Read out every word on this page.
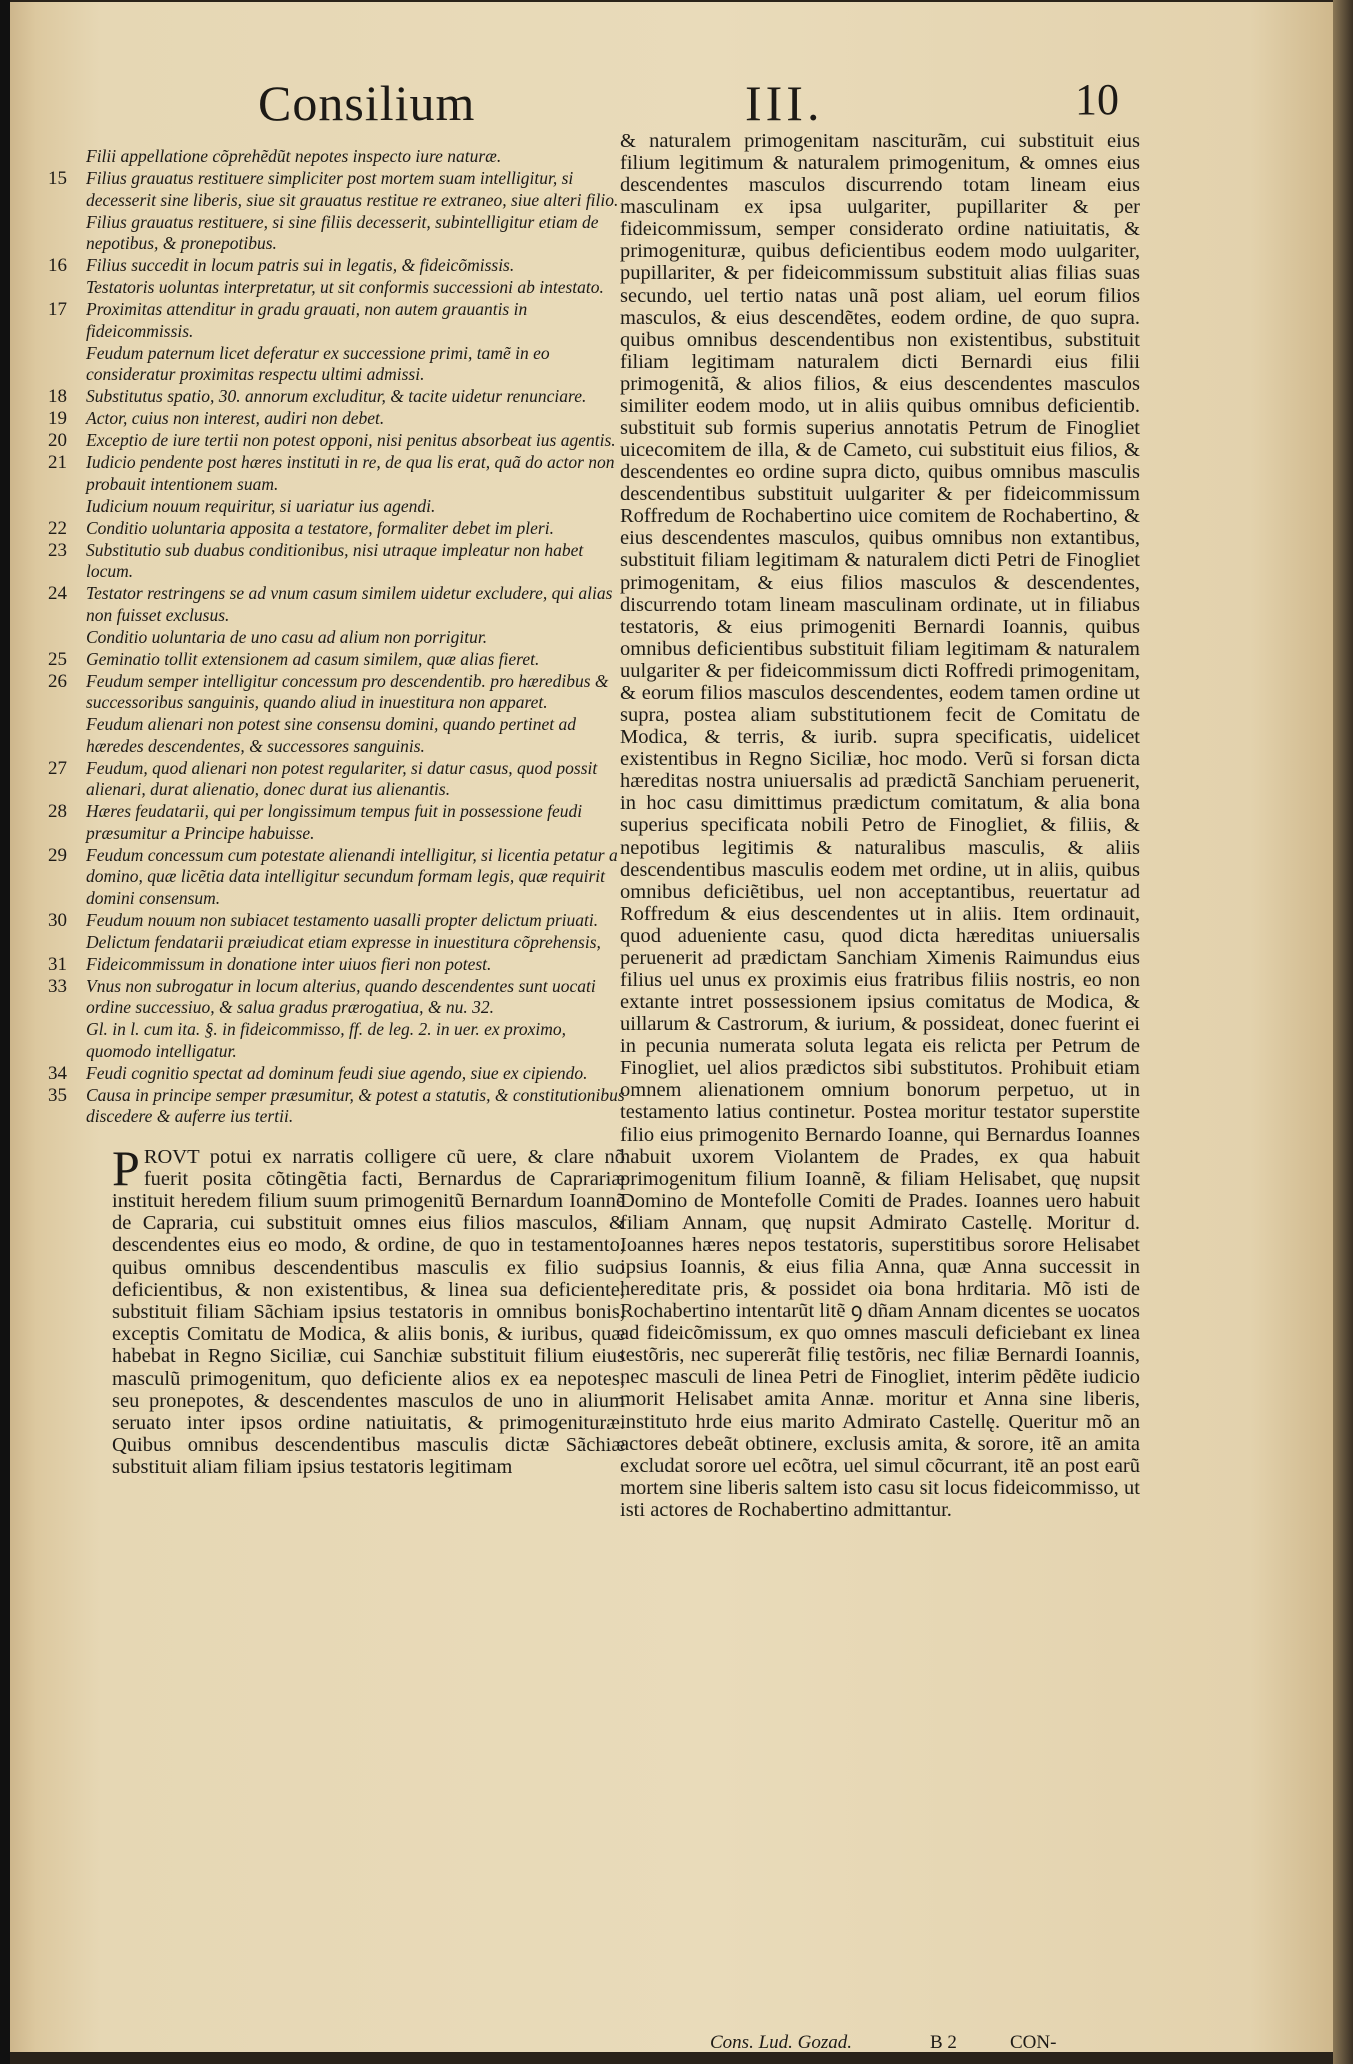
Consilium	III.	10
Filii appellatione cõprehẽdũt nepotes inspecto iure naturæ.
15 Filius grauatus restituere simpliciter post mortem suam intelligitur, si decesserit sine liberis, siue sit grauatus restitue re extraneo, siue alteri filio.
Filius grauatus restituere, si sine filiis decesserit, subintelligitur etiam de nepotibus, & pronepotibus.
16 Filius succedit in locum patris sui in legatis, & fideicõmissis.
Testatoris uoluntas interpretatur, ut sit conformis successioni ab intestato.
17 Proximitas attenditur in gradu grauati, non autem grauantis in fideicommissis.
Feudum paternum licet deferatur ex successione primi, tamẽ in eo consideratur proximitas respectu ultimi admissi.
18 Substitutus spatio, 30. annorum excluditur, & tacite uidetur renunciare.
19 Actor, cuius non interest, audiri non debet.
20 Exceptio de iure tertii non potest opponi, nisi penitus absorbeat ius agentis.
21 Iudicio pendente post hæres instituti in re, de qua lis erat, quã do actor non probauit intentionem suam.
Iudicium nouum requiritur, si uariatur ius agendi.
22 Conditio uoluntaria apposita a testatore, formaliter debet im pleri.
23 Substitutio sub duabus conditionibus, nisi utraque impleatur non habet locum.
24 Testator restringens se ad vnum casum similem uidetur excludere, qui alias non fuisset exclusus.
Conditio uoluntaria de uno casu ad alium non porrigitur.
25 Geminatio tollit extensionem ad casum similem, quæ alias fieret.
26 Feudum semper intelligitur concessum pro descendentib. pro hæredibus & successoribus sanguinis, quando aliud in inuestitura non apparet.
Feudum alienari non potest sine consensu domini, quando pertinet ad hæredes descendentes, & successores sanguinis.
27 Feudum, quod alienari non potest regulariter, si datur casus, quod possit alienari, durat alienatio, donec durat ius alienantis.
28 Hæres feudatarii, qui per longissimum tempus fuit in possessione feudi præsumitur a Principe habuisse.
29 Feudum concessum cum potestate alienandi intelligitur, si licentia petatur a domino, quæ licẽtia data intelligitur secundum formam legis, quæ requirit domini consensum.
30 Feudum nouum non subiacet testamento uasalli propter delictum priuati.
Delictum fendatarii præiudicat etiam expresse in inuestitura cõprehensis,
31 Fideicommissum in donatione inter uiuos fieri non potest.
33 Vnus non subrogatur in locum alterius, quando descendentes sunt uocati ordine successiuo, & salua gradus prærogatiua, & nu. 32.
Gl. in l. cum ita. §. in fideicommisso, ff. de leg. 2. in uer. ex proximo, quomodo intelligatur.
34 Feudi cognitio spectat ad dominum feudi siue agendo, siue ex cipiendo.
35 Causa in principe semper præsumitur, & potest a statutis, & constitutionibus discedere & auferre ius tertii.
PROVT potui ex narratis colligere cũ uere, & clare nõ fuerit posita cõtingẽtia facti, Bernardus de Caprariæ instituit heredem filium suum primogenitũ Bernardum Ioannẽ de Capraria, cui substituit omnes eius filios masculos, & descendentes eius eo modo, & ordine, de quo in testamento, quibus omnibus descendentibus masculis ex filio suo deficientibus, & non existentibus, & linea sua deficiente, substituit filiam Sãchiam ipsius testatoris in omnibus bonis, exceptis Comitatu de Modica, & aliis bonis, & iuribus, quæ habebat in Regno Siciliæ, cui Sanchiæ substituit filium eius masculũ primogenitum, quo deficiente alios ex ea nepotes, seu pronepotes, & descendentes masculos de uno in alium seruato inter ipsos ordine natiuitatis, & primogenituræ. Quibus omnibus descendentibus masculis dictæ Sãchiæ substituit aliam filiam ipsius testatoris legitimam
& naturalem primogenitam nasciturãm, cui substituit eius filium legitimum & naturalem primogenitum, & omnes eius descendentes masculos discurrendo totam lineam eius masculinam ex ipsa uulgariter, pupillariter & per fideicommissum, semper considerato ordine natiuitatis, & primogenituræ, quibus deficientibus eodem modo uulgariter, pupillariter, & per fideicommissum substituit alias filias suas secundo, uel tertio natas unã post aliam, uel eorum filios masculos, & eius descendẽtes, eodem ordine, de quo supra. quibus omnibus descendentibus non existentibus, substituit filiam legitimam naturalem dicti Bernardi eius filii primogenitã, & alios filios, & eius descendentes masculos similiter eodem modo, ut in aliis quibus omnibus deficientib. substituit sub formis superius annotatis Petrum de Finogliet uicecomitem de illa, & de Cameto, cui substituit eius filios, & descendentes eo ordine supra dicto, quibus omnibus masculis descendentibus substituit uulgariter & per fideicommissum Roffredum de Rochabertino uice comitem de Rochabertino, & eius descendentes masculos, quibus omnibus non extantibus, substituit filiam legitimam & naturalem dicti Petri de Finogliet primogenitam, & eius filios masculos & descendentes, discurrendo totam lineam masculinam ordinate, ut in filiabus testatoris, & eius primogeniti Bernardi Ioannis, quibus omnibus deficientibus substituit filiam legitimam & naturalem uulgariter & per fideicommissum dicti Roffredi primogenitam, & eorum filios masculos descendentes, eodem tamen ordine ut supra, postea aliam substitutionem fecit de Comitatu de Modica, & terris, & iurib. supra specificatis, uidelicet existentibus in Regno Siciliæ, hoc modo. Verũ si forsan dicta hæreditas nostra uniuersalis ad prædictã Sanchiam peruenerit, in hoc casu dimittimus prædictum comitatum, & alia bona superius specificata nobili Petro de Finogliet, & filiis, & nepotibus legitimis & naturalibus masculis, & aliis descendentibus masculis eodem met ordine, ut in aliis, quibus omnibus deficiẽtibus, uel non acceptantibus, reuertatur ad Roffredum & eius descendentes ut in aliis. Item ordinauit, quod adueniente casu, quod dicta hæreditas uniuersalis peruenerit ad prædictam Sanchiam Ximenis Raimundus eius filius uel unus ex proximis eius fratribus filiis nostris, eo non extante intret possessionem ipsius comitatus de Modica, & uillarum & Castrorum, & iurium, & possideat, donec fuerint ei in pecunia numerata soluta legata eis relicta per Petrum de Finogliet, uel alios prædictos sibi substitutos. Prohibuit etiam omnem alienationem omnium bonorum perpetuo, ut in testamento latius continetur. Postea moritur testator superstite filio eius primogenito Bernardo Ioanne, qui Bernardus Ioannes habuit uxorem Violantem de Prades, ex qua habuit primogenitum filium Ioannẽ, & filiam Helisabet, quę nupsit Domino de Montefolle Comiti de Prades. Ioannes uero habuit filiam Annam, quę nupsit Admirato Castellę. Moritur d. Ioannes hæres nepos testatoris, superstitibus sorore Helisabet ipsius Ioannis, & eius filia Anna, quæ Anna successit in hereditate pris, & possidet oia bona hrditaria. Mõ isti de Rochabertino intentarũt litẽ ꝯ dñam Annam dicentes se uocatos ad fideicõmissum, ex quo omnes masculi deficiebant ex linea testõris, nec supererãt filię testõris, nec filiæ Bernardi Ioannis, nec masculi de linea Petri de Finogliet, interim pẽdẽte iudicio morit Helisabet amita Annæ. moritur et Anna sine liberis, instituto hrde eius marito Admirato Castellę. Queritur mõ an actores debeãt obtinere, exclusis amita, & sorore, itẽ an amita excludat sorore uel ecõtra, uel simul cõcurrant, itẽ an post earũ mortem sine liberis saltem isto casu sit locus fideicommisso, ut isti actores de Rochabertino admittantur.
Cons. Lud. Gozad.	B 2	CON-
